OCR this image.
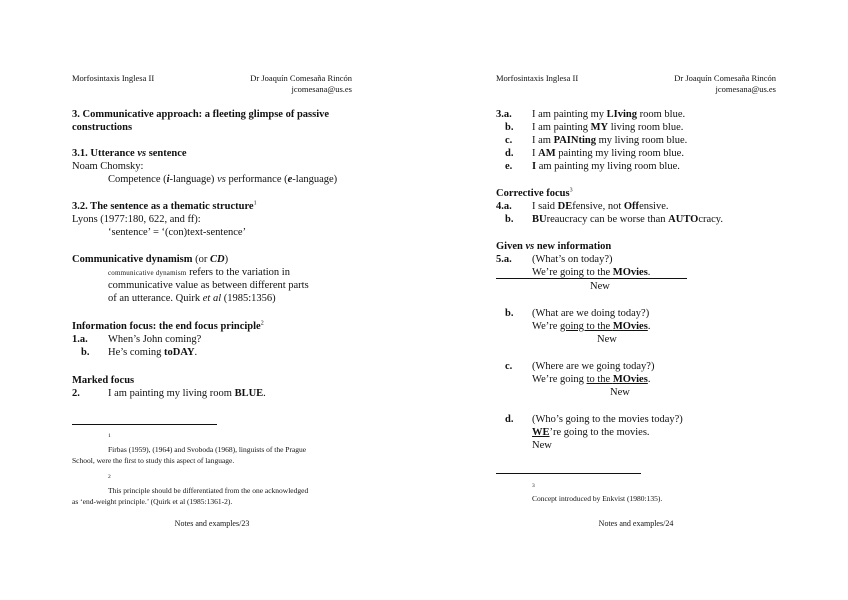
Morfosintaxis Inglesa II	Dr Joaquín Comesaña Rincón
jcomesana@us.es
3. Communicative approach: a fleeting glimpse of passive
constructions
3.1. Utterance vs sentence
Noam Chomsky:
Competence (i-language) vs performance (e-language)
3.2. The sentence as a thematic structure$^1$
Lyons (1977:180, 622, and ff):
‘sentence’ = ‘(con)text-sentence’
Communicative dynamism (or CD)
communicative dynamism refers to the variation in
communicative value as between different parts
of an utterance. Quirk et al (1985:1356)
Information focus: the end focus principle$^2$
1.a. When’s John coming?
b. He’s coming toDAY.
Marked focus
2.	I am painting my living room BLUE.
1
Firbas (1959), (1964) and Svoboda (1968), linguists of the Prague
School, were the first to study this aspect of language.
2
This principle should be differentiated from the one acknowledged
as ‘end-weight principle.’ (Quirk et al (1985:1361-2).
Notes and examples/23
Morfosintaxis Inglesa II	Dr Joaquín Comesaña Rincón
jcomesana@us.es
3.a. I am painting my LIving room blue.
b. I am painting MY living room blue.
c. I am PAINting my living room blue.
d. I AM painting my living room blue.
e. I am painting my living room blue.
Corrective focus$^3$
4.a. I said DEfensive, not Offensive.
b. BUreaucracy can be worse than AUTOcracy.
Given vs new information
5.a. (What’s on today?)
We’re going to the MOvies.
New
b. (What are we doing today?)
We’re going to the MOvies.
New
c. (Where are we going today?)
We’re going to the MOvies.
New
d. (Who’s going to the movies today?)
WE’re going to the movies.
New
3
Concept introduced by Enkvist (1980:135).
Notes and examples/24
